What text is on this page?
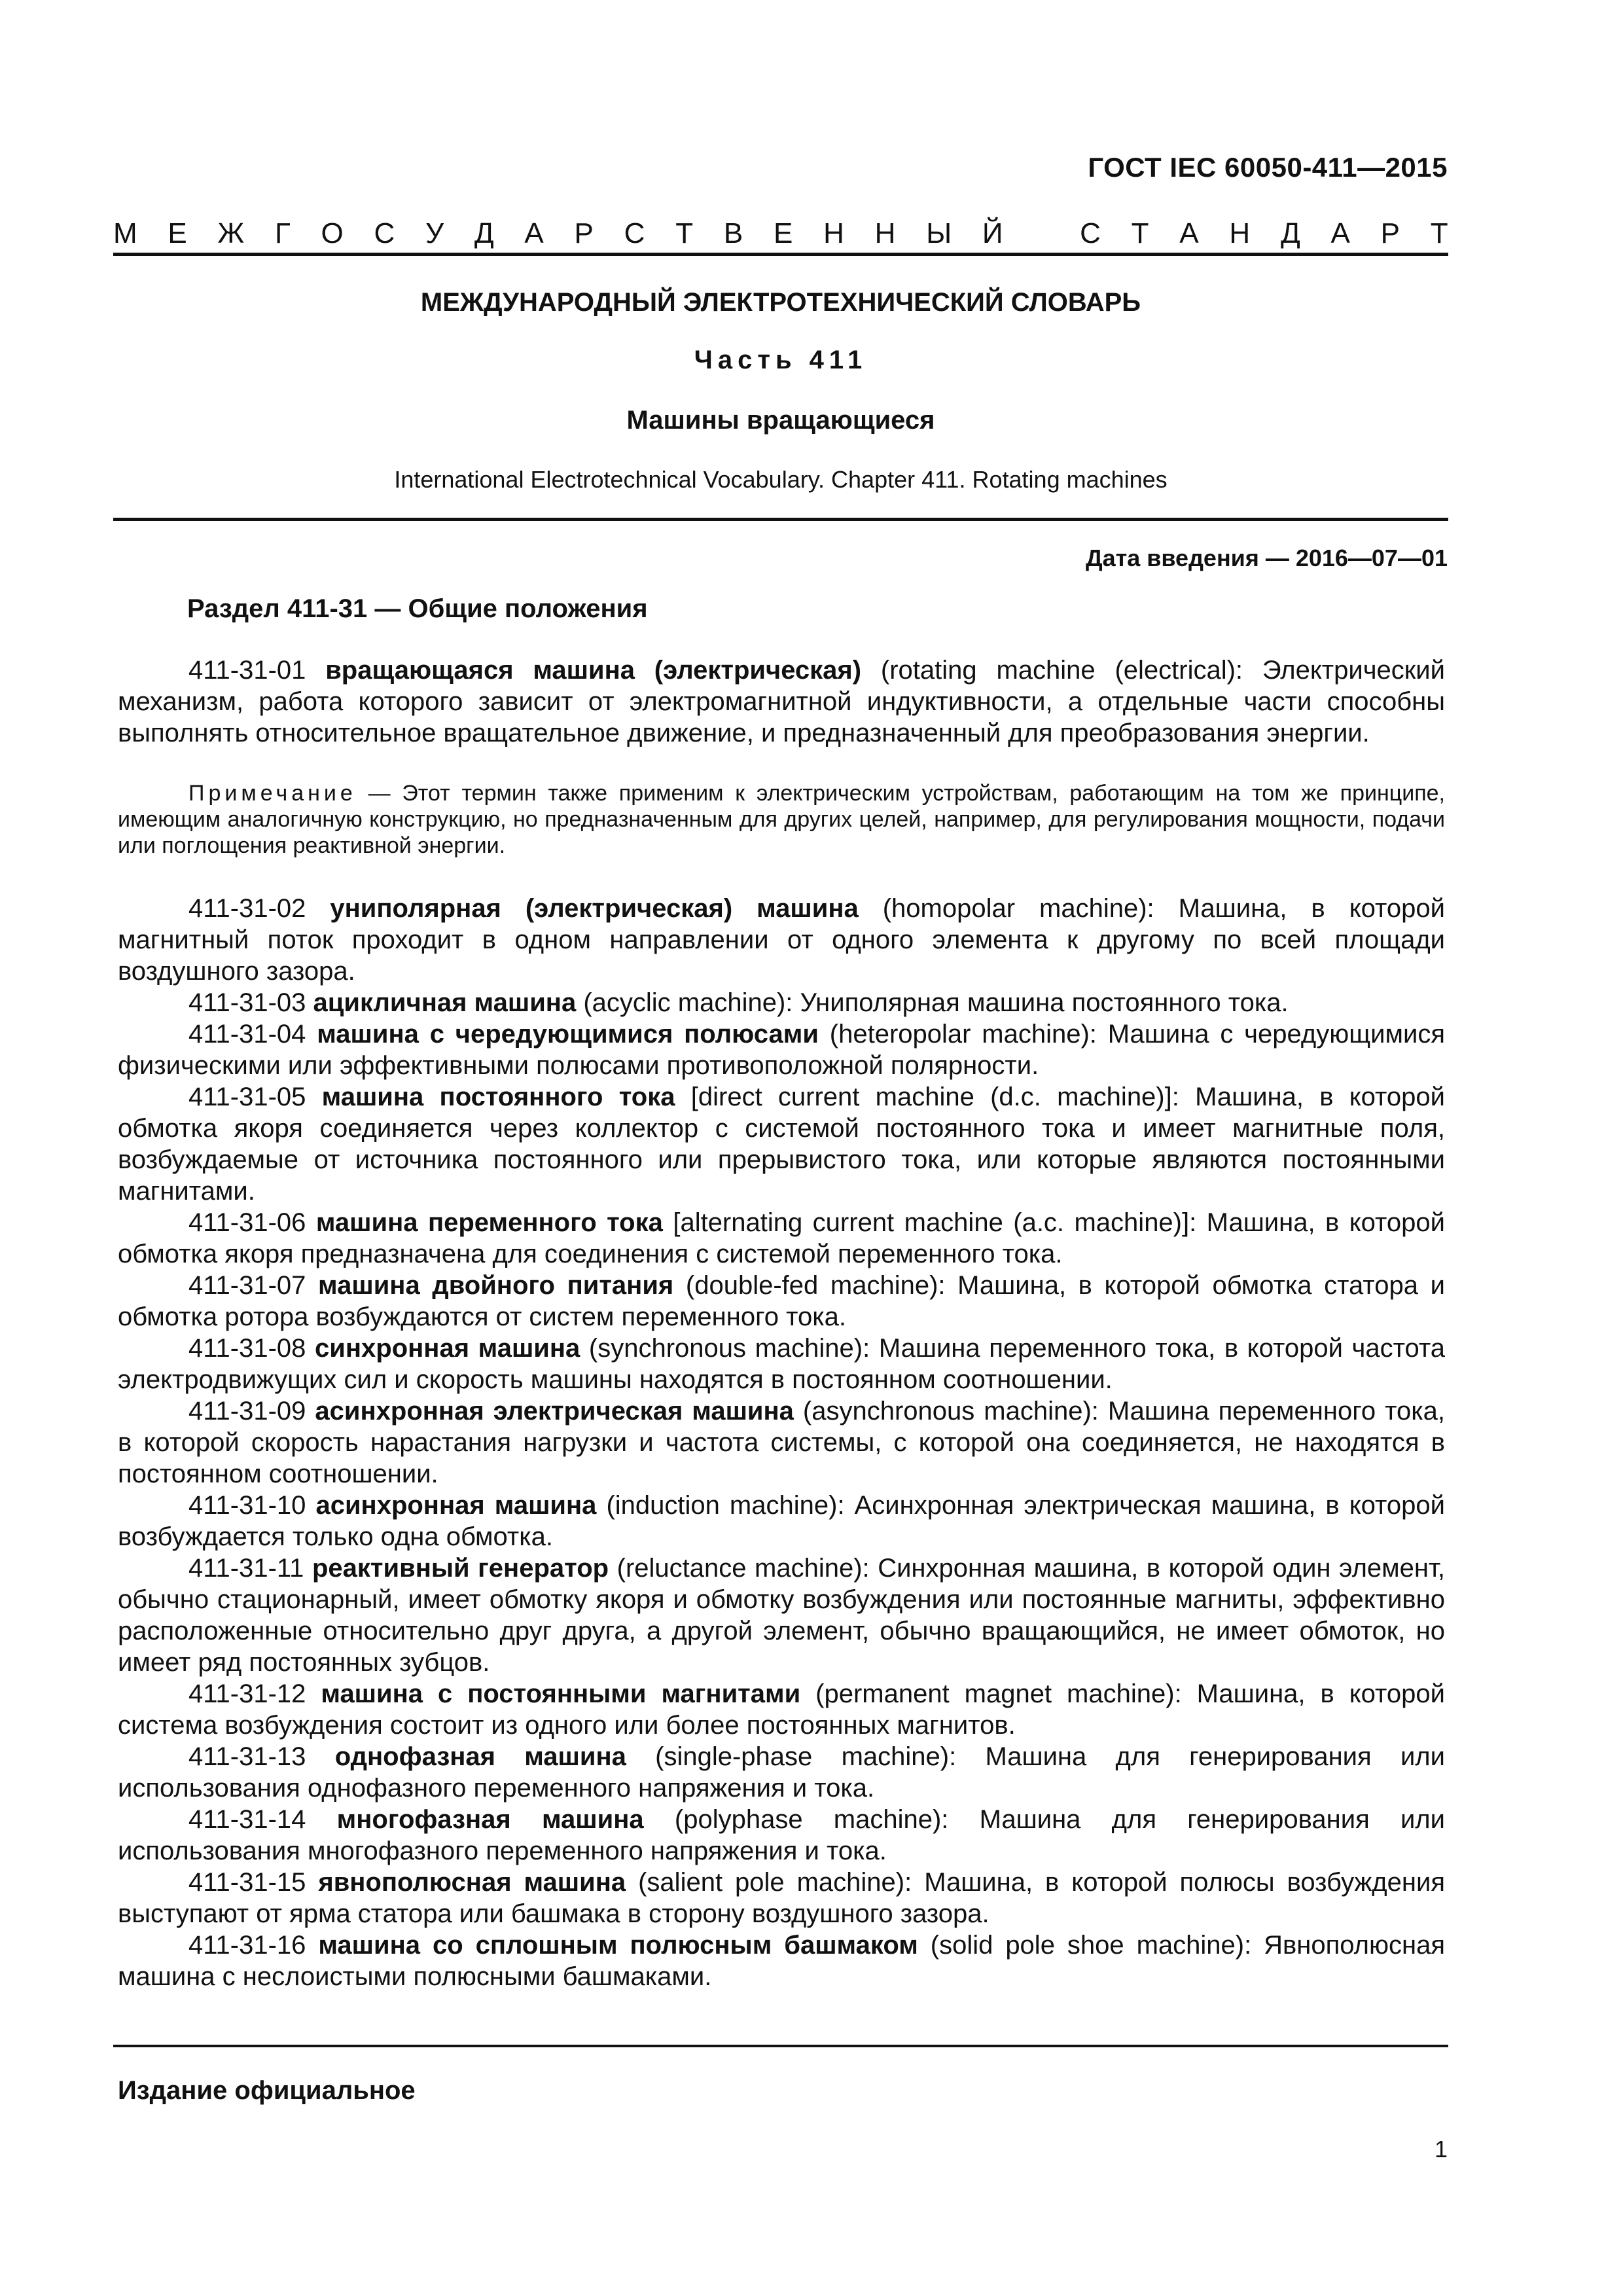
ГОСТ IEC 60050-411—2015
М Е Ж Г О С У Д А Р С Т В Е Н Н Ы Й	С Т А Н Д А Р Т
МЕЖДУНАРОДНЫЙ ЭЛЕКТРОТЕХНИЧЕСКИЙ СЛОВАРЬ
Часть 411
Машины вращающиеся
International Electrotechnical Vocabulary. Chapter 411. Rotating machines
Дата введения — 2016—07—01
Раздел 411-31 — Общие положения

411-31-01 вращающаяся машина (электрическая) (rotating machine (electrical): Электрический механизм, работа которого зависит от электромагнитной индуктивности, а отдельные части способны выполнять относительное вращательное движение, и предназначенный для преобразования энергии.

Примечание — Этот термин также применим к электрическим устройствам, работающим на том же принципе, имеющим аналогичную конструкцию, но предназначенным для других целей, например, для регулирования мощности, подачи или поглощения реактивной энергии.

411-31-02 униполярная (электрическая) машина (homopolar machine): Машина, в которой магнитный поток проходит в одном направлении от одного элемента к другому по всей площади воздушного зазора.

411-31-03 ацикличная машина (acyclic machine): Униполярная машина постоянного тока.

411-31-04 машина с чередующимися полюсами (heteropolar machine): Машина с чередующимися физическими или эффективными полюсами противоположной полярности.

411-31-05 машина постоянного тока [direct current machine (d.c. machine)]: Машина, в которой обмотка якоря соединяется через коллектор с системой постоянного тока и имеет магнитные поля, возбуждаемые от источника постоянного или прерывистого тока, или которые являются постоянными магнитами.

411-31-06 машина переменного тока [alternating current machine (a.c. machine)]: Машина, в которой обмотка якоря предназначена для соединения с системой переменного тока.

411-31-07 машина двойного питания (double-fed machine): Машина, в которой обмотка статора и обмотка ротора возбуждаются от систем переменного тока.

411-31-08 синхронная машина (synchronous machine): Машина переменного тока, в которой частота электродвижущих сил и скорость машины находятся в постоянном соотношении.

411-31-09 асинхронная электрическая машина (asynchronous machine): Машина переменного тока, в которой скорость нарастания нагрузки и частота системы, с которой она соединяется, не находятся в постоянном соотношении.

411-31-10 асинхронная машина (induction machine): Асинхронная электрическая машина, в которой возбуждается только одна обмотка.

411-31-11 реактивный генератор (reluctance machine): Синхронная машина, в которой один элемент, обычно стационарный, имеет обмотку якоря и обмотку возбуждения или постоянные магниты, эффективно расположенные относительно друг друга, а другой элемент, обычно вращающийся, не имеет обмоток, но имеет ряд постоянных зубцов.

411-31-12 машина с постоянными магнитами (permanent magnet machine): Машина, в которой система возбуждения состоит из одного или более постоянных магнитов.

411-31-13 однофазная машина (single-phase machine): Машина для генерирования или использования однофазного переменного напряжения и тока.

411-31-14 многофазная машина (polyphase machine): Машина для генерирования или использования многофазного переменного напряжения и тока.

411-31-15 явнополюсная машина (salient pole machine): Машина, в которой полюсы возбуждения выступают от ярма статора или башмака в сторону воздушного зазора.

411-31-16 машина со сплошным полюсным башмаком (solid pole shoe machine): Явнополюсная машина с неслоистыми полюсными башмаками.

Издание официальное
1
